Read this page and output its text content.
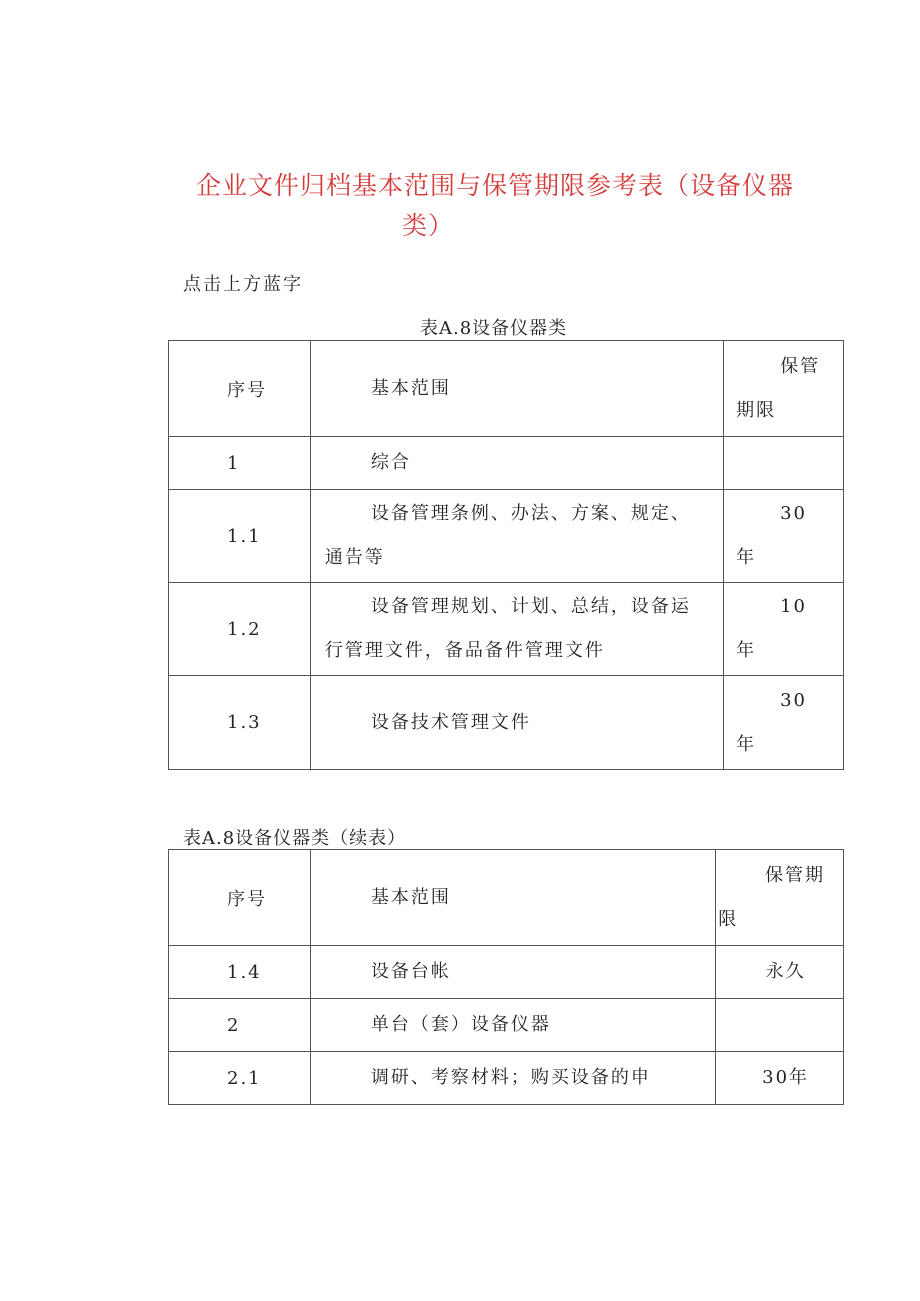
企业文件归档基本范围与保管期限参考表（设备仪器
类）
点击上方蓝字
表A.8设备仪器类
序号	基本范围	保管
期限
1	综合	
1.1	设备管理条例、办法、方案、规定、
通告等	30
年
1.2	设备管理规划、计划、总结，设备运
行管理文件，备品备件管理文件	10
年
1.3	设备技术管理文件	30
年
表A.8设备仪器类（续表）
序号	基本范围	保管期
限
1.4	设备台帐	永久
2	单台（套）设备仪器	
2.1	调研、考察材料；购买设备的申	30年
